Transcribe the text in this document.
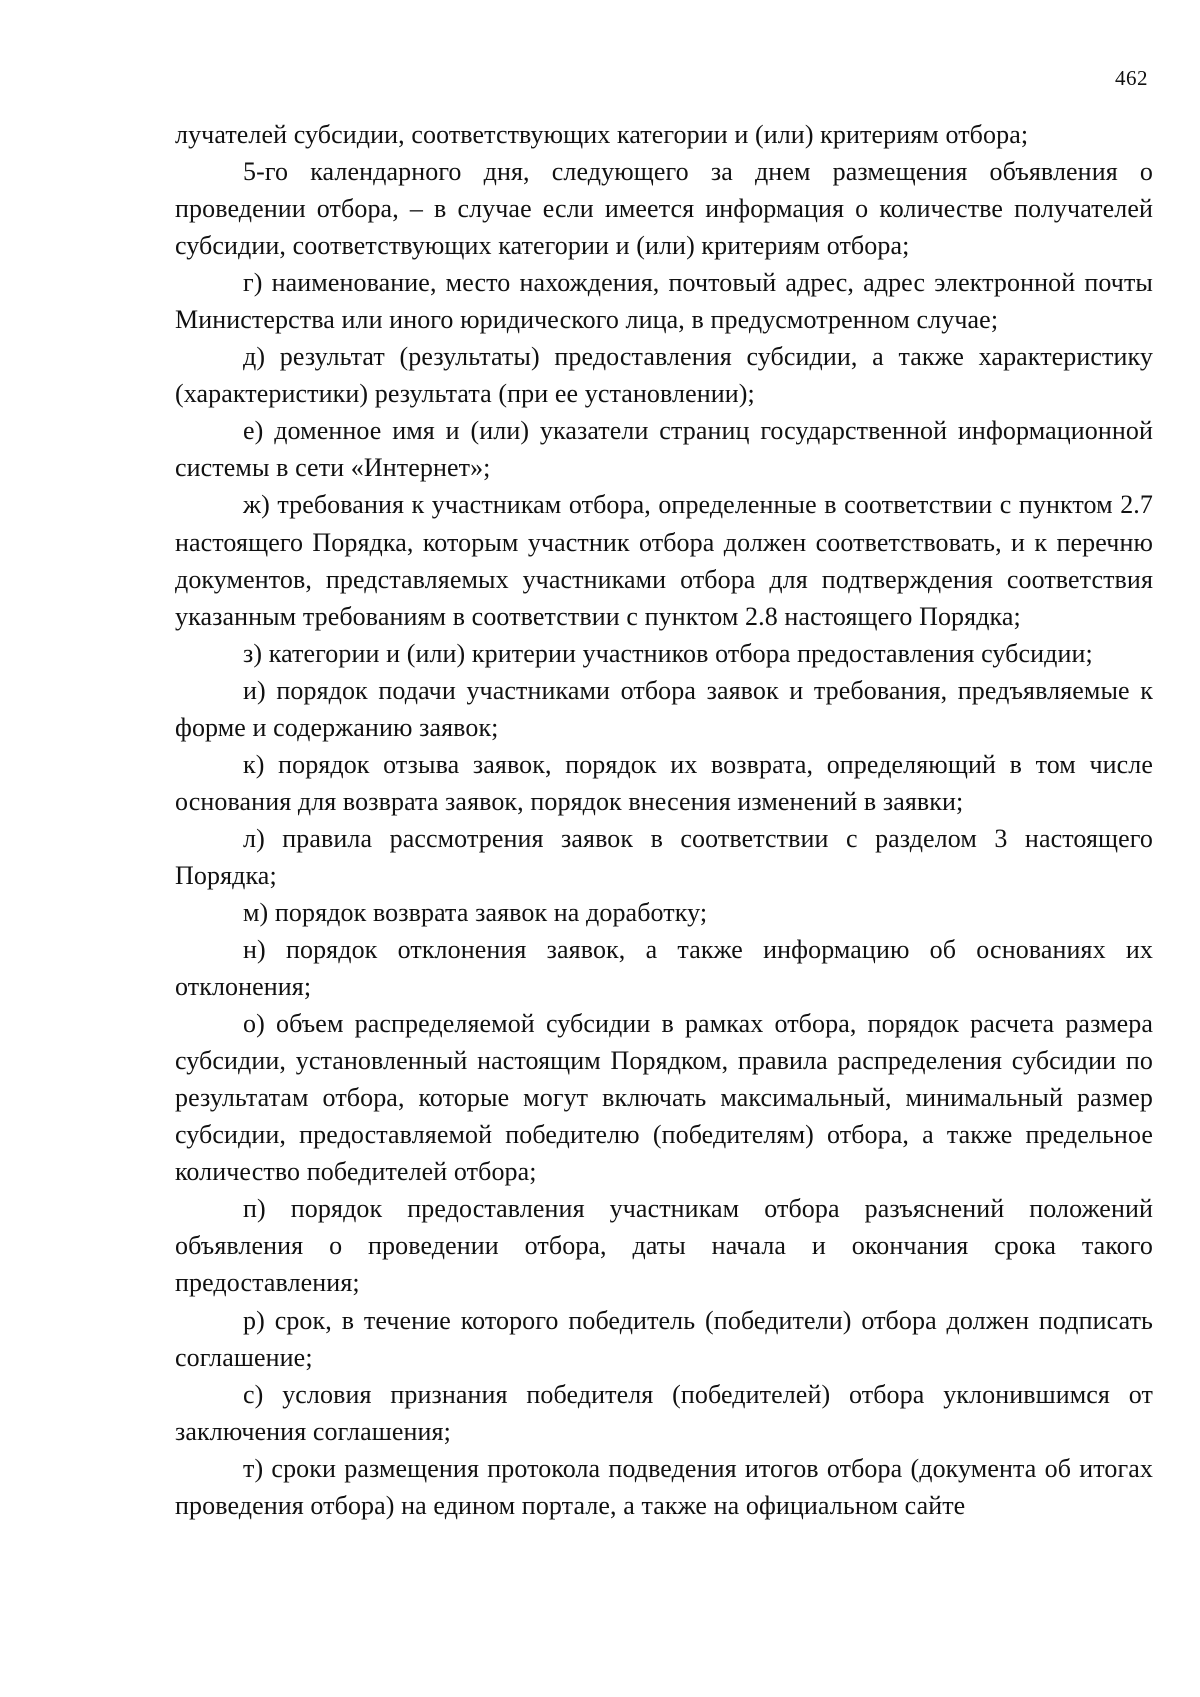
462

лучателей субсидии, соответствующих категории и (или) критериям отбора;

5-го календарного дня, следующего за днем размещения объявления о проведении отбора, – в случае если имеется информация о количестве получателей субсидии, соответствующих категории и (или) критериям отбора;

г) наименование, место нахождения, почтовый адрес, адрес электронной почты Министерства или иного юридического лица, в предусмотренном случае;

д) результат (результаты) предоставления субсидии, а также характеристику (характеристики) результата (при ее установлении);

е) доменное имя и (или) указатели страниц государственной информационной системы в сети «Интернет»;

ж) требования к участникам отбора, определенные в соответствии с пунктом 2.7 настоящего Порядка, которым участник отбора должен соответствовать, и к перечню документов, представляемых участниками отбора для подтверждения соответствия указанным требованиям в соответствии с пунктом 2.8 настоящего Порядка;

з) категории и (или) критерии участников отбора предоставления субсидии;

и) порядок подачи участниками отбора заявок и требования, предъявляемые к форме и содержанию заявок;

к) порядок отзыва заявок, порядок их возврата, определяющий в том числе основания для возврата заявок, порядок внесения изменений в заявки;

л) правила рассмотрения заявок в соответствии с разделом 3 настоящего Порядка;

м) порядок возврата заявок на доработку;

н) порядок отклонения заявок, а также информацию об основаниях их отклонения;

о) объем распределяемой субсидии в рамках отбора, порядок расчета размера субсидии, установленный настоящим Порядком, правила распределения субсидии по результатам отбора, которые могут включать максимальный, минимальный размер субсидии, предоставляемой победителю (победителям) отбора, а также предельное количество победителей отбора;

п) порядок предоставления участникам отбора разъяснений положений объявления о проведении отбора, даты начала и окончания срока такого предоставления;

р) срок, в течение которого победитель (победители) отбора должен подписать соглашение;

с) условия признания победителя (победителей) отбора уклонившимся от заключения соглашения;

т) сроки размещения протокола подведения итогов отбора (документа об итогах проведения отбора) на едином портале, а также на официальном сайте
